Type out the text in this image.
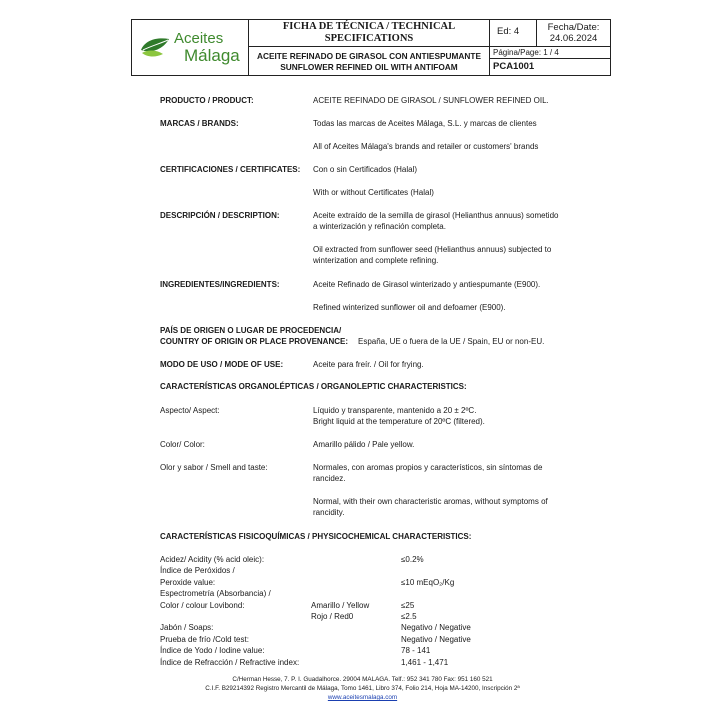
Aceites
Málaga
FICHA DE TÉCNICA / TECHNICAL
SPECIFICATIONS
ACEITE REFINADO DE GIRASOL CON ANTIESPUMANTE
SUNFLOWER REFINED OIL WITH ANTIFOAM
Ed: 4	Fecha/Date:
24.06.2024
Página/Page: 1 / 4
PCA1001
PRODUCTO / PRODUCT:	ACEITE REFINADO DE GIRASOL / SUNFLOWER REFINED OIL.
MARCAS / BRANDS:	Todas las marcas de Aceites Málaga, S.L. y marcas de clientes
All of Aceites Málaga's brands and retailer or customers' brands
CERTIFICACIONES / CERTIFICATES: Con o sin Certificados (Halal)
With or without Certificates (Halal)
DESCRIPCIÓN / DESCRIPTION:	Aceite extraído de la semilla de girasol (Helianthus annuus) sometido
a winterización y refinación completa.
Oil extracted from sunflower seed (Helianthus annuus) subjected to
winterization and complete refining.
INGREDIENTES/INGREDIENTS:	Aceite Refinado de Girasol winterizado y antiespumante (E900).
Refined winterized sunflower oil and defoamer (E900).
PAÍS DE ORIGEN O LUGAR DE PROCEDENCIA/
COUNTRY OF ORIGIN OR PLACE PROVENANCE: España, UE o fuera de la UE / Spain, EU or non-EU.
MODO DE USO / MODE OF USE:	Aceite para freír. / Oil for frying.
CARACTERÍSTICAS ORGANOLÉPTICAS / ORGANOLEPTIC CHARACTERISTICS:
Aspecto/ Aspect:	Líquido y transparente, mantenido a 20 ± 2ºC.
Bright liquid at the temperature of 20ºC (filtered).
Color/ Color:	Amarillo pálido / Pale yellow.
Olor y sabor / Smell and taste:	Normales, con aromas propios y característicos, sin síntomas de
rancidez.
Normal, with their own characteristic aromas, without symptoms of
rancidity.
CARACTERÍSTICAS FISICOQUÍMICAS / PHYSICOCHEMICAL CHARACTERISTICS:
Acidez/ Acidity (% acid oleic):	≤0.2%
Índice de Peróxidos /
Peroxide value:	≤10 mEqO₂/Kg
Espectrometría (Absorbancia) /
Color / colour Lovibond:	Amarillo / Yellow	≤25
Rojo / Red0	≤2.5
Jabón / Soaps:	Negativo / Negative
Prueba de frío /Cold test:	Negativo / Negative
Índice de Yodo / Iodine value:	78 - 141
Índice de Refracción / Refractive index:	1,461 - 1,471
C/Herman Hesse, 7. P. I. Guadalhorce. 29004 MALAGA. Telf.: 952 341 780 Fax: 951 160 521
C.I.F. B29214392 Registro Mercantil de Málaga, Tomo 1461, Libro 374, Folio 214, Hoja MA-14200, Inscripción 2ª
www.aceitesmalaga.com
